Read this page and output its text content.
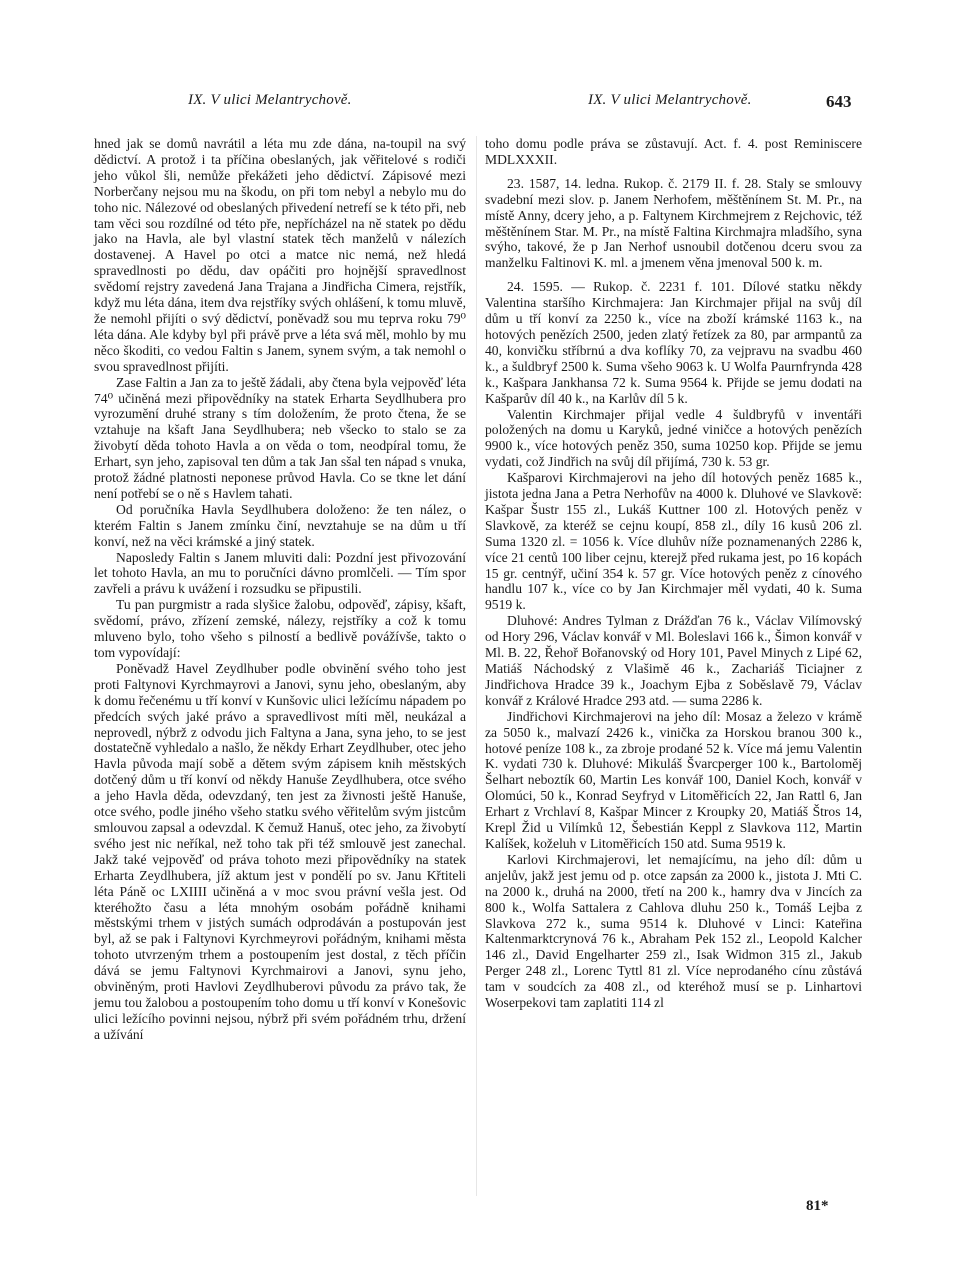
IX. V ulici Melantrychově.	IX. V ulici Melantrychově.	643

hned jak se domů navrátil a léta mu zde dána, na-toupil na svý dědictví. A protož i ta příčina obeslaných, jak věřitelové s rodiči jeho vůkol šli, nemůže překážeti jeho dědictví. Zápisové mezi Norberčany nejsou mu na škodu, on při tom nebyl a nebylo mu do toho nic. Nálezové od obeslaných přivedení netrefí se k této při, neb tam věci sou rozdílné od této pře, nepřícházel na ně statek po dědu jako na Havla, ale byl vlastní statek těch manželů v nálezích dostavenej. A Havel po otci a matce nic nemá, než hledá spravedlnosti po dědu, dav opáčiti pro hojnější spravedlnost svědomí rejstry zavedená Jana Trajana a Jindřicha Cimera, rejstřík, když mu léta dána, item dva rejstříky svých ohlášení, k tomu mluvě, že nemohl přijíti o svý dědictví, poněvadž sou mu teprva roku 79⁰ léta dána. Ale kdyby byl při právě prve a léta svá měl, mohlo by mu něco škoditi, co vedou Faltin s Janem, synem svým, a tak nemohl o svou spravedlnost přijíti.

Zase Faltin a Jan za to ještě žádali, aby čtena byla vejpověď léta 74⁰ učiněná mezi připovědníky na statek Erharta Seydlhubera pro vyrozumění druhé strany s tím doložením, že proto čtena, že se vztahuje na kšaft Jana Seydlhubera; neb všecko to stalo se za živobytí děda tohoto Havla a on věda o tom, neodpíral tomu, že Erhart, syn jeho, zapisoval ten dům a tak Jan sšal ten nápad s vnuka, protož žádné platnosti neponese průvod Havla. Co se tkne let dání není potřebí se o ně s Havlem tahati.

Od poručníka Havla Seydlhubera doloženo: že ten nález, o kterém Faltin s Janem zmínku činí, nevztahuje se na dům u tří konví, než na věci krámské a jiný statek.

Naposledy Faltin s Janem mluviti dali: Pozdní jest přivozování let tohoto Havla, an mu to poručníci dávno promlčeli. — Tím spor zavřeli a právu k uvážení i rozsudku se připustili.

Tu pan purgmistr a rada slyšice žalobu, odpověď, zápisy, kšaft, svědomí, právo, zřízení zemské, nálezy, rejstříky a což k tomu mluveno bylo, toho všeho s pilností a bedlivě povážívše, takto o tom vypovídají:

Poněvadž Havel Zeydlhuber podle obvinění svého toho jest proti Faltynovi Kyrchmayrovi a Janovi, synu jeho, obeslaným, aby k domu řečenému u tří konví v Kunšovic ulici ležícímu nápadem po předcích svých jaké právo a spravedlivost míti měl, neukázal a neprovedl, nýbrž z odvodu jich Faltyna a Jana, syna jeho, to se jest dostatečně vyhledalo a našlo, že někdy Erhart Zeydlhuber, otec jeho Havla původa mají sobě a dětem svým zápisem knih městských dotčený dům u tří konví od někdy Hanuše Zeydlhubera, otce svého a jeho Havla děda, odevzdaný, ten jest za živnosti ještě Hanuše, otce svého, podle jiného všeho statku svého věřitelům svým jistcům smlouvou zapsal a odevzdal. K čemuž Hanuš, otec jeho, za živobytí svého jest nic neříkal, než toho tak při též smlouvě jest zanechal. Jakž také vejpověď od práva tohoto mezi připovědníky na statek Erharta Zeydlhubera, jíž aktum jest v pondělí po sv. Janu Křtiteli léta Páně oc LXIIII učiněná a v moc svou právní vešla jest. Od kteréhožto času a léta mnohým osobám pořádně knihami městskými trhem v jistých sumách odprodáván a postupován jest byl, až se pak i Faltynovi Kyrchmeyrovi pořádným, knihami města tohoto utvrzeným trhem a postoupením jest dostal, z těch příčin dává se jemu Faltynovi Kyrchmairovi a Janovi, synu jeho, obviněným, proti Havlovi Zeydlhuberovi původu za právo tak, že jemu tou žalobou a postoupením toho domu u tří konví v Konešovic ulici ležícího povinni nejsou, nýbrž při svém pořádném trhu, držení a užívání

toho domu podle práva se zůstavují. Act. f. 4. post Reminiscere MDLXXXII.

23. 1587, 14. ledna. Rukop. č. 2179 II. f. 28. Staly se smlouvy svadební mezi slov. p. Janem Nerhofem, měštěnínem St. M. Pr., na místě Anny, dcery jeho, a p. Faltynem Kirchmejrem z Rejchovic, též měštěnínem Star. M. Pr., na místě Faltina Kirchmajra mladšího, syna svýho, takové, že p Jan Nerhof usnoubil dotčenou dceru svou za manželku Faltinovi K. ml. a jmenem věna jmenoval 500 k. m.

24. 1595. — Rukop. č. 2231 f. 101. Dílové statku někdy Valentina staršího Kirchmajera: Jan Kirchmajer přijal na svůj díl dům u tří konví za 2250 k., více na zboží krámské 1163 k., na hotových penězích 2500, jeden zlatý řetízek za 80, par armpantů za 40, konvičku stříbrnú a dva koflíky 70, za vejpravu na svadbu 460 k., a šuldbryf 2500 k. Suma všeho 9063 k. U Wolfa Paurnfrynda 428 k., Kašpara Jankhansa 72 k. Suma 9564 k. Přijde se jemu dodati na Kašparův díl 40 k., na Karlův díl 5 k.

Valentin Kirchmajer přijal vedle 4 šuldbryfů v inventáři položených na domu u Karyků, jedné viničce a hotových penězích 9900 k., více hotových peněz 350, suma 10250 kop. Přijde se jemu vydati, což Jindřich na svůj díl přijímá, 730 k. 53 gr.

Kašparovi Kirchmajerovi na jeho díl hotových peněz 1685 k., jistota jedna Jana a Petra Nerhofův na 4000 k. Dluhové ve Slavkově: Kašpar Šustr 155 zl., Lukáš Kuttner 100 zl. Hotových peněz v Slavkově, za kteréž se cejnu koupí, 858 zl., díly 16 kusů 206 zl. Suma 1320 zl. = 1056 k. Více dluhův níže poznamenaných 2286 k, více 21 centů 100 liber cejnu, kterejž před rukama jest, po 16 kopách 15 gr. centnýř, učiní 354 k. 57 gr. Více hotových peněz z cínového handlu 107 k., více co by Jan Kirchmajer měl vydati, 40 k. Suma 9519 k.

Dluhové: Andres Tylman z Drážďan 76 k., Václav Vilímovský od Hory 296, Václav konvář v Ml. Boleslavi 166 k., Šimon konvář v Ml. B. 22, Řehoř Bořanovský od Hory 101, Pavel Minych z Lipé 62, Matiáš Náchodský z Vlašimě 46 k., Zachariáš Ticiajner z Jindřichova Hradce 39 k., Joachym Ejba z Soběslavě 79, Václav konvář z Králové Hradce 293 atd. — suma 2286 k.

Jindřichovi Kirchmajerovi na jeho díl: Mosaz a železo v krámě za 5050 k., malvazí 2426 k., vinička za Horskou branou 300 k., hotové peníze 108 k., za zbroje prodané 52 k. Více má jemu Valentin K. vydati 730 k. Dluhové: Mikuláš Švarcperger 100 k., Bartoloměj Šelhart neboztík 60, Martin Les konvář 100, Daniel Koch, konvář v Olomúci, 50 k., Konrad Seyfryd v Litoměřicích 22, Jan Rattl 6, Jan Erhart z Vrchlaví 8, Kašpar Mincer z Kroupky 20, Matiáš Štros 14, Krepl Žid u Vilímků 12, Šebestián Keppl z Slavkova 112, Martin Kalíšek, koželuh v Litoměřicích 150 atd. Suma 9519 k.

Karlovi Kirchmajerovi, let nemajícímu, na jeho díl: dům u anjelův, jakž jest jemu od p. otce zapsán za 2000 k., jistota J. Mti C. na 2000 k., druhá na 2000, třetí na 200 k., hamry dva v Jincích za 800 k., Wolfa Sattalera z Cahlova dluhu 250 k., Tomáš Lejba z Slavkova 272 k., suma 9514 k. Dluhové v Linci: Kateřina Kaltenmarktcrynová 76 k., Abraham Pek 152 zl., Leopold Kalcher 146 zl., David Engelharter 259 zl., Isak Widmon 315 zl., Jakub Perger 248 zl., Lorenc Tyttl 81 zl. Více neprodaného cínu zůstává tam v soudcích za 408 zl., od kteréhož musí se p. Linhartovi Woserpekovi tam zaplatiti 114 zl

81*
